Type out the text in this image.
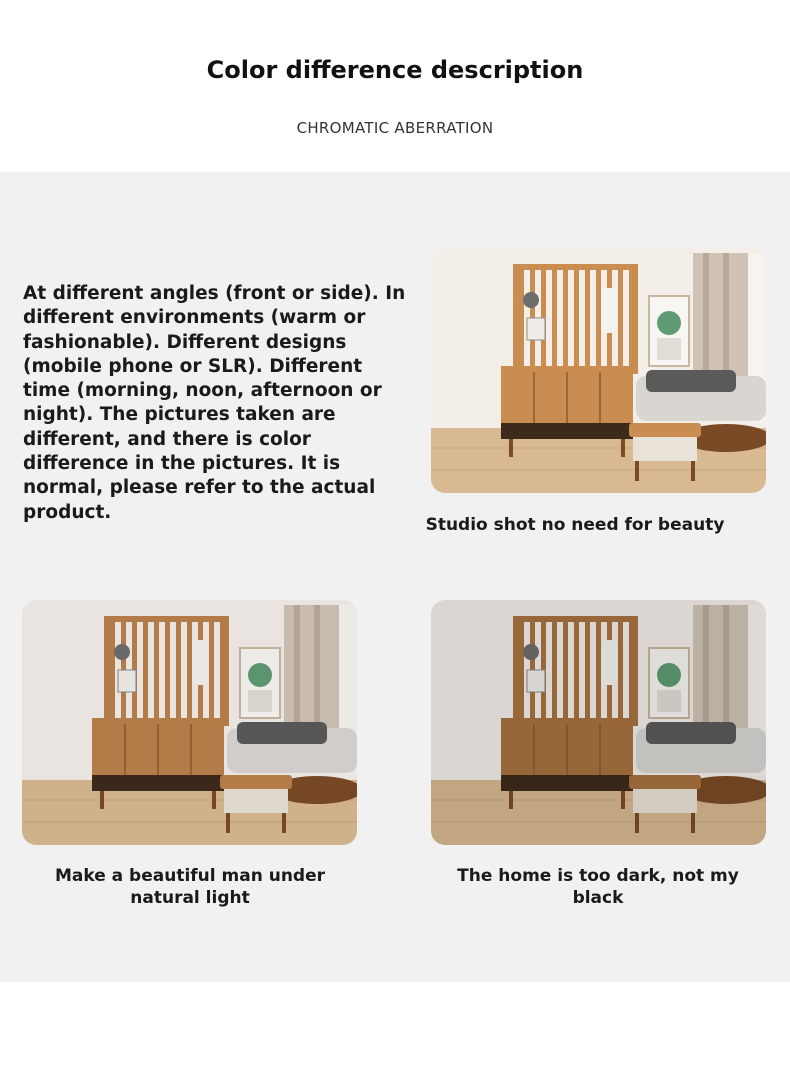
Color difference description
CHROMATIC ABERRATION
At different angles (front or side). In different environments (warm or fashionable). Different designs (mobile phone or SLR). Different time (morning, noon, afternoon or night). The pictures taken are different, and there is color difference in the pictures. It is normal, please refer to the actual product.
Studio shot no need for beauty
Make a beautiful man under natural light
The home is too dark, not my black
